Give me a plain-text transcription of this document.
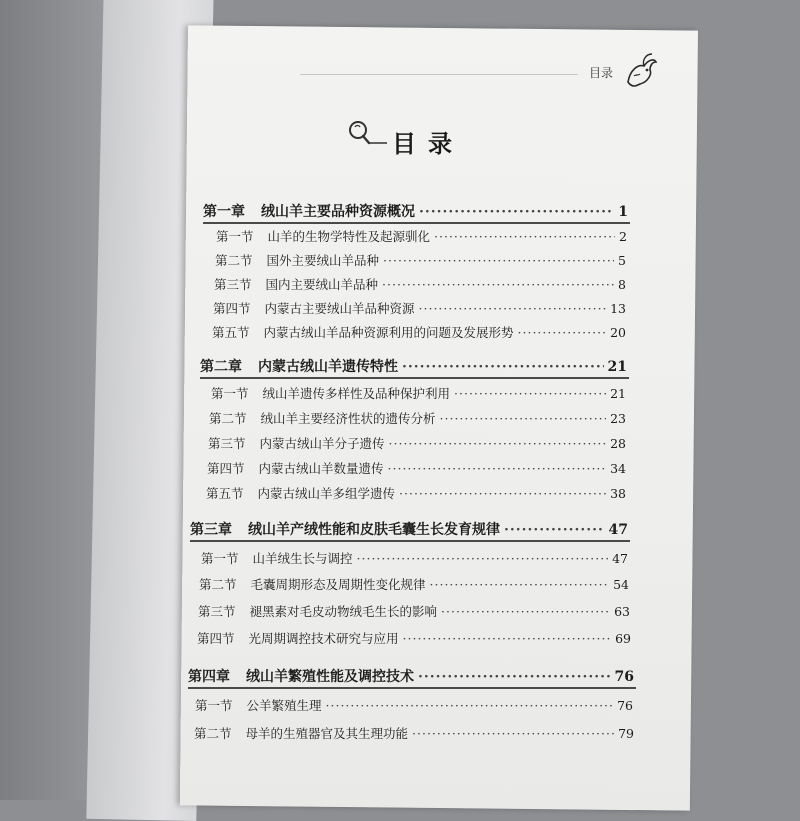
目录
目录
第一章 绒山羊主要品种资源概况 ·····	1
第一节 山羊的生物学特性及起源驯化 ·····	2
第二节 国外主要绒山羊品种 ·····	5
第三节 国内主要绒山羊品种 ·····	8
第四节 内蒙古主要绒山羊品种资源 ·····	13
第五节 内蒙古绒山羊品种资源利用的问题及发展形势 ·····	20
第二章 内蒙古绒山羊遗传特性 ·····	21
第一节 绒山羊遗传多样性及品种保护利用 ·····	21
第二节 绒山羊主要经济性状的遗传分析 ·····	23
第三节 内蒙古绒山羊分子遗传 ·····	28
第四节 内蒙古绒山羊数量遗传 ·····	34
第五节 内蒙古绒山羊多组学遗传 ·····	38
第三章 绒山羊产绒性能和皮肤毛囊生长发育规律 ·····	47
第一节 山羊绒生长与调控 ·····	47
第二节 毛囊周期形态及周期性变化规律 ·····	54
第三节 褪黑素对毛皮动物绒毛生长的影响 ·····	63
第四节 光周期调控技术研究与应用 ·····	69
第四章 绒山羊繁殖性能及调控技术 ·····	76
第一节 公羊繁殖生理 ·····	76
第二节 母羊的生殖器官及其生理功能 ·····	79
